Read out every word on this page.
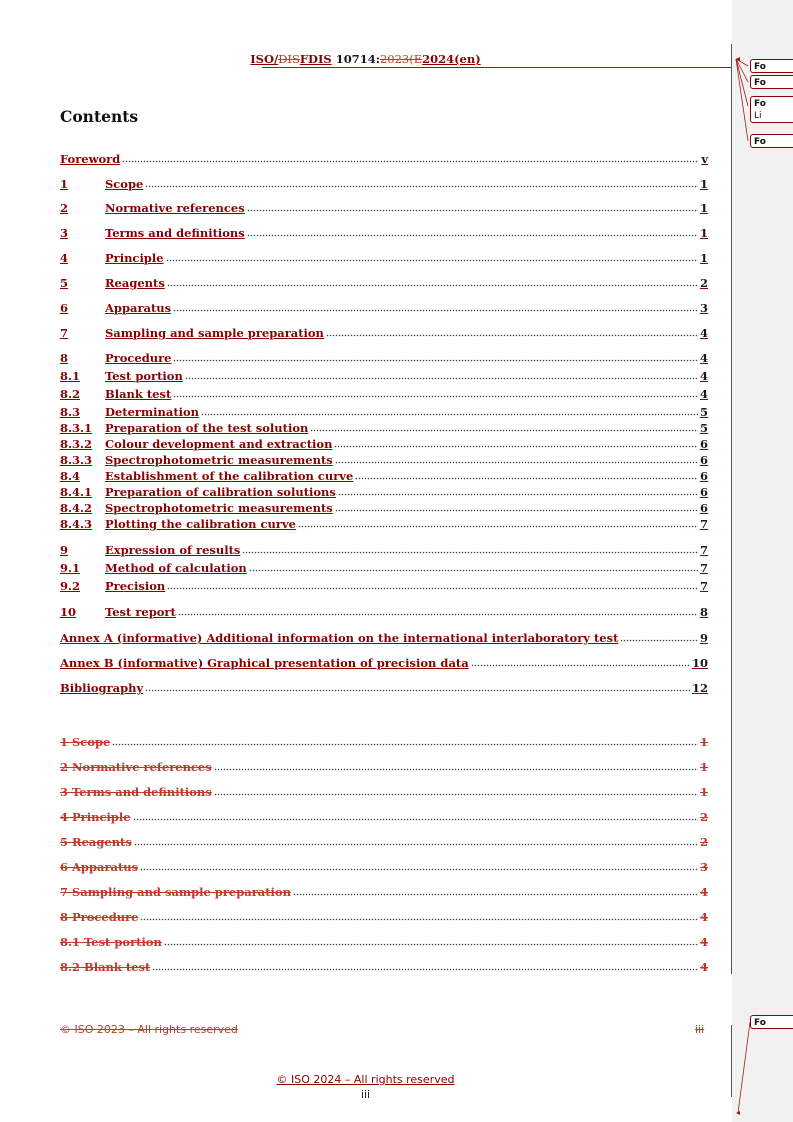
ISO/DISFDIS 10714:2023(E2024(en)
Contents
Foreword	v
1	Scope	1
2	Normative references	1
3	Terms and definitions	1
4	Principle	1
5	Reagents	2
6	Apparatus	3
7	Sampling and sample preparation	4
8	Procedure	4
8.1	Test portion	4
8.2	Blank test	4
8.3	Determination	5
8.3.1	Preparation of the test solution	5
8.3.2	Colour development and extraction	6
8.3.3	Spectrophotometric measurements	6
8.4	Establishment of the calibration curve	6
8.4.1	Preparation of calibration solutions	6
8.4.2	Spectrophotometric measurements	6
8.4.3	Plotting the calibration curve	7
9	Expression of results	7
9.1	Method of calculation	7
9.2	Precision	7
10	Test report	8
Annex A (informative) Additional information on the international interlaboratory test	9
Annex B (informative) Graphical presentation of precision data	10
Bibliography	12
1 Scope	1
2 Normative references	1
3 Terms and definitions	1
4 Principle	2
5 Reagents	2
6 Apparatus	3
7 Sampling and sample preparation	4
8 Procedure	4
8.1 Test portion	4
8.2 Blank test	4
© ISO 2023 – All rights reserved	iii
© ISO 2024 – All rights reserved
iii
Fo
Fo
Fo
Li
Fo
Fo
